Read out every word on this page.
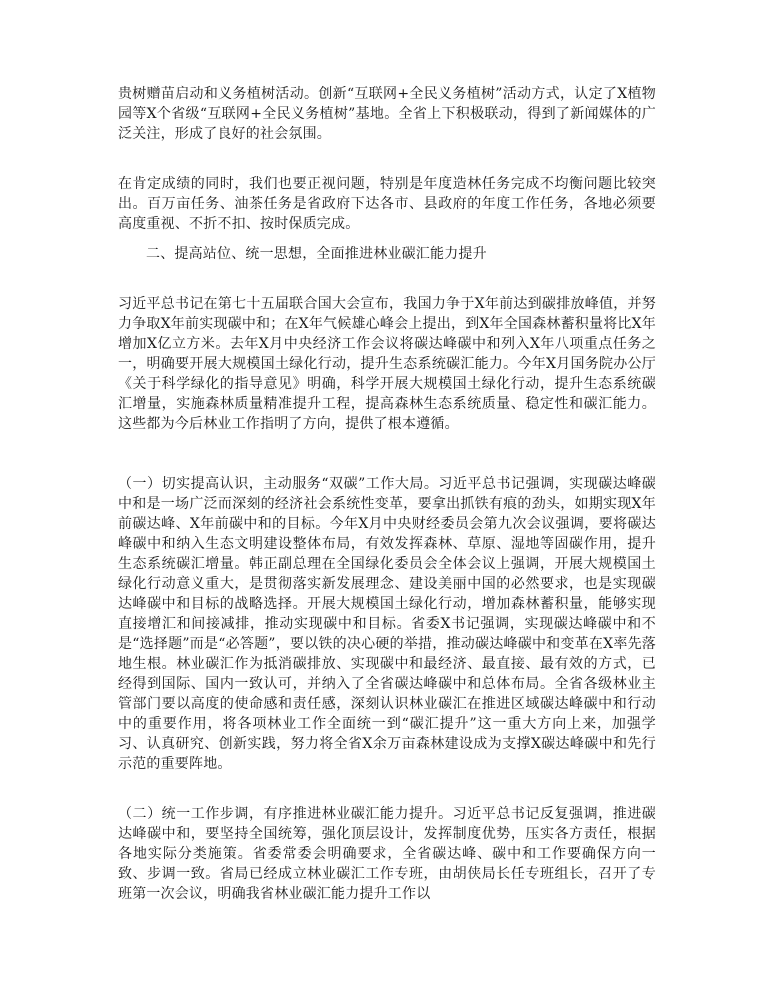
贵树赠苗启动和义务植树活动。创新“互联网+全民义务植树”活动方式，认定了X植物园等X个省级“互联网+全民义务植树”基地。全省上下积极联动，得到了新闻媒体的广泛关注，形成了良好的社会氛围。

在肯定成绩的同时，我们也要正视问题，特别是年度造林任务完成不均衡问题比较突出。百万亩任务、油茶任务是省政府下达各市、县政府的年度工作任务，各地必须要高度重视、不折不扣、按时保质完成。

二、提高站位、统一思想，全面推进林业碳汇能力提升

习近平总书记在第七十五届联合国大会宣布，我国力争于X年前达到碳排放峰值，并努力争取X年前实现碳中和；在X年气候雄心峰会上提出，到X年全国森林蓄积量将比X年增加X亿立方米。去年X月中央经济工作会议将碳达峰碳中和列入X年八项重点任务之一，明确要开展大规模国土绿化行动，提升生态系统碳汇能力。今年X月国务院办公厅《关于科学绿化的指导意见》明确，科学开展大规模国土绿化行动，提升生态系统碳汇增量，实施森林质量精准提升工程，提高森林生态系统质量、稳定性和碳汇能力。这些都为今后林业工作指明了方向，提供了根本遵循。

（一）切实提高认识，主动服务“双碳”工作大局。习近平总书记强调，实现碳达峰碳中和是一场广泛而深刻的经济社会系统性变革，要拿出抓铁有痕的劲头，如期实现X年前碳达峰、X年前碳中和的目标。今年X月中央财经委员会第九次会议强调，要将碳达峰碳中和纳入生态文明建设整体布局，有效发挥森林、草原、湿地等固碳作用，提升生态系统碳汇增量。韩正副总理在全国绿化委员会全体会议上强调，开展大规模国土绿化行动意义重大，是贯彻落实新发展理念、建设美丽中国的必然要求，也是实现碳达峰碳中和目标的战略选择。开展大规模国土绿化行动，增加森林蓄积量，能够实现直接增汇和间接减排，推动实现碳中和目标。省委X书记强调，实现碳达峰碳中和不是“选择题”而是“必答题”，要以铁的决心硬的举措，推动碳达峰碳中和变革在X率先落地生根。林业碳汇作为抵消碳排放、实现碳中和最经济、最直接、最有效的方式，已经得到国际、国内一致认可，并纳入了全省碳达峰碳中和总体布局。全省各级林业主管部门要以高度的使命感和责任感，深刻认识林业碳汇在推进区域碳达峰碳中和行动中的重要作用，将各项林业工作全面统一到“碳汇提升”这一重大方向上来，加强学习、认真研究、创新实践，努力将全省X余万亩森林建设成为支撑X碳达峰碳中和先行示范的重要阵地。

（二）统一工作步调，有序推进林业碳汇能力提升。习近平总书记反复强调，推进碳达峰碳中和，要坚持全国统筹，强化顶层设计，发挥制度优势，压实各方责任，根据各地实际分类施策。省委常委会明确要求，全省碳达峰、碳中和工作要确保方向一致、步调一致。省局已经成立林业碳汇工作专班，由胡侠局长任专班组长，召开了专班第一次会议，明确我省林业碳汇能力提升工作以
